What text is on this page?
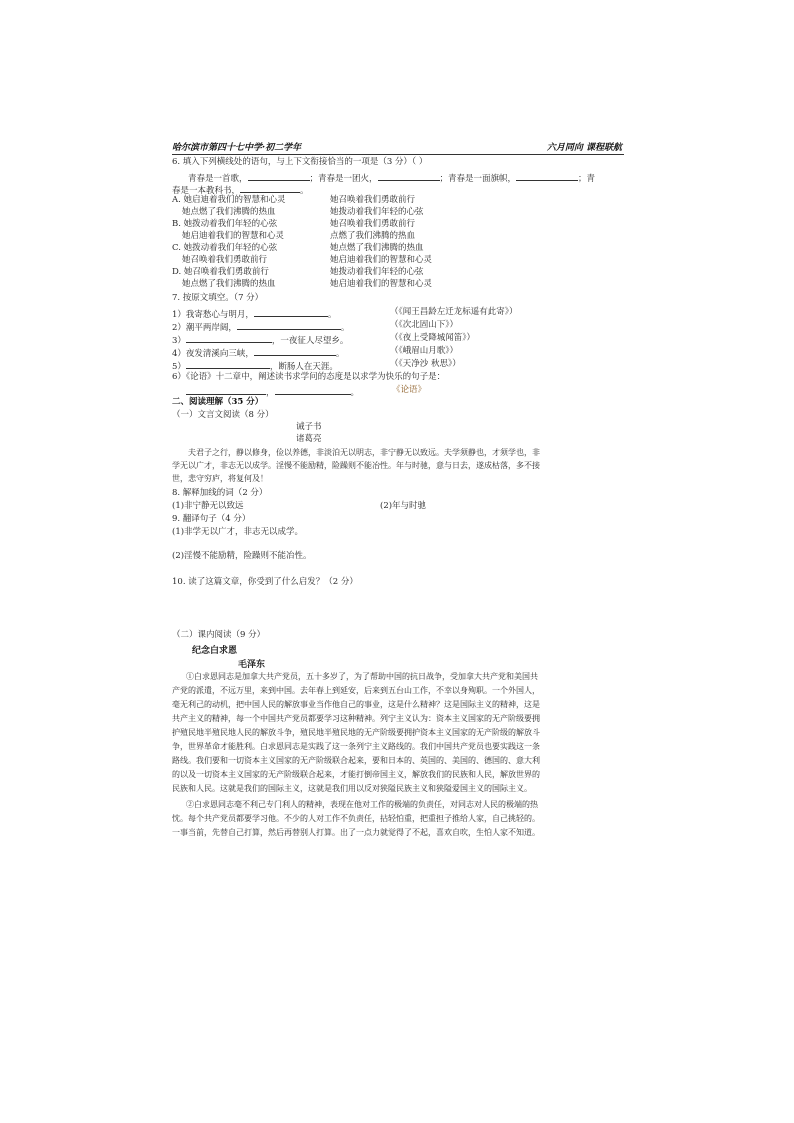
哈尔滨市第四十七中学·初二学年	六月同向 课程联航
6. 填入下列横线处的语句，与上下文衔接恰当的一项是（3 分）（ ）
青春是一首歌，	；青春是一团火，	；青春是一面旗帜，	；青
春是一本教科书，	。
A. 她启迪着我们的智慧和心灵	她召唤着我们勇敢前行
她点燃了我们沸腾的热血	她拨动着我们年轻的心弦
B. 她拨动着我们年轻的心弦	她召唤着我们勇敢前行
她启迪着我们的智慧和心灵	点燃了我们沸腾的热血
C. 她拨动着我们年轻的心弦	她点燃了我们沸腾的热血
她召唤着我们勇敢前行	她启迪着我们的智慧和心灵
D. 她召唤着我们勇敢前行	她拨动着我们年轻的心弦
她点燃了我们沸腾的热血	她启迪着我们的智慧和心灵
7. 按原文填空。（7 分）
1）我寄愁心与明月，	。	（《闻王昌龄左迁龙标遥有此寄》）
2）潮平两岸阔，	。	（《次北固山下》）
3）	，一夜征人尽望乡。	（《夜上受降城闻笛》）
4）夜发清溪向三峡，	。	（《峨眉山月歌》）
5）	，断肠人在天涯。	（《天净沙 秋思》）
6）《论语》十二章中，阐述读书求学问的态度是以求学为快乐的句子是：
，	。	《论语》
二、阅读理解（35 分）
（一）文言文阅读（8 分）
诫子书
诸葛亮
夫君子之行，静以修身，俭以养德，非淡泊无以明志，非宁静无以致远。夫学须静也，才须学也，非
学无以广才，非志无以成学。淫慢不能励精，险躁则不能冶性。年与时驰，意与日去，遂成枯落，多不接
世，悲守穷庐，将复何及！
8. 解释加线的词（2 分）
(1)非宁静无以致远	(2)年与时驰
9. 翻译句子（4 分）
(1)非学无以广才，非志无以成学。
(2)淫慢不能励精，险躁则不能冶性。
10. 读了这篇文章，你受到了什么启发？（2 分）
（二）课内阅读（9 分）
纪念白求恩
毛泽东
①白求恩同志是加拿大共产党员，五十多岁了，为了帮助中国的抗日战争，受加拿大共产党和美国共
产党的派遣，不远万里，来到中国。去年春上到延安，后来到五台山工作，不幸以身殉职。一个外国人，
毫无利己的动机，把中国人民的解放事业当作他自己的事业，这是什么精神？这是国际主义的精神，这是
共产主义的精神，每一个中国共产党员都要学习这种精神。列宁主义认为：资本主义国家的无产阶级要拥
护殖民地半殖民地人民的解放斗争，殖民地半殖民地的无产阶级要拥护资本主义国家的无产阶级的解放斗
争，世界革命才能胜利。白求恩同志是实践了这一条列宁主义路线的。我们中国共产党员也要实践这一条
路线。我们要和一切资本主义国家的无产阶级联合起来，要和日本的、英国的、美国的、德国的、意大利
的以及一切资本主义国家的无产阶级联合起来，才能打倒帝国主义，解放我们的民族和人民，解放世界的
民族和人民。这就是我们的国际主义，这就是我们用以反对狭隘民族主义和狭隘爱国主义的国际主义。
②白求恩同志毫不利己专门利人的精神，表现在他对工作的极端的负责任，对同志对人民的极端的热
忱。每个共产党员都要学习他。不少的人对工作不负责任，拈轻怕重，把重担子推给人家，自己挑轻的。
一事当前，先替自己打算，然后再替别人打算。出了一点力就觉得了不起，喜欢自吹，生怕人家不知道。
